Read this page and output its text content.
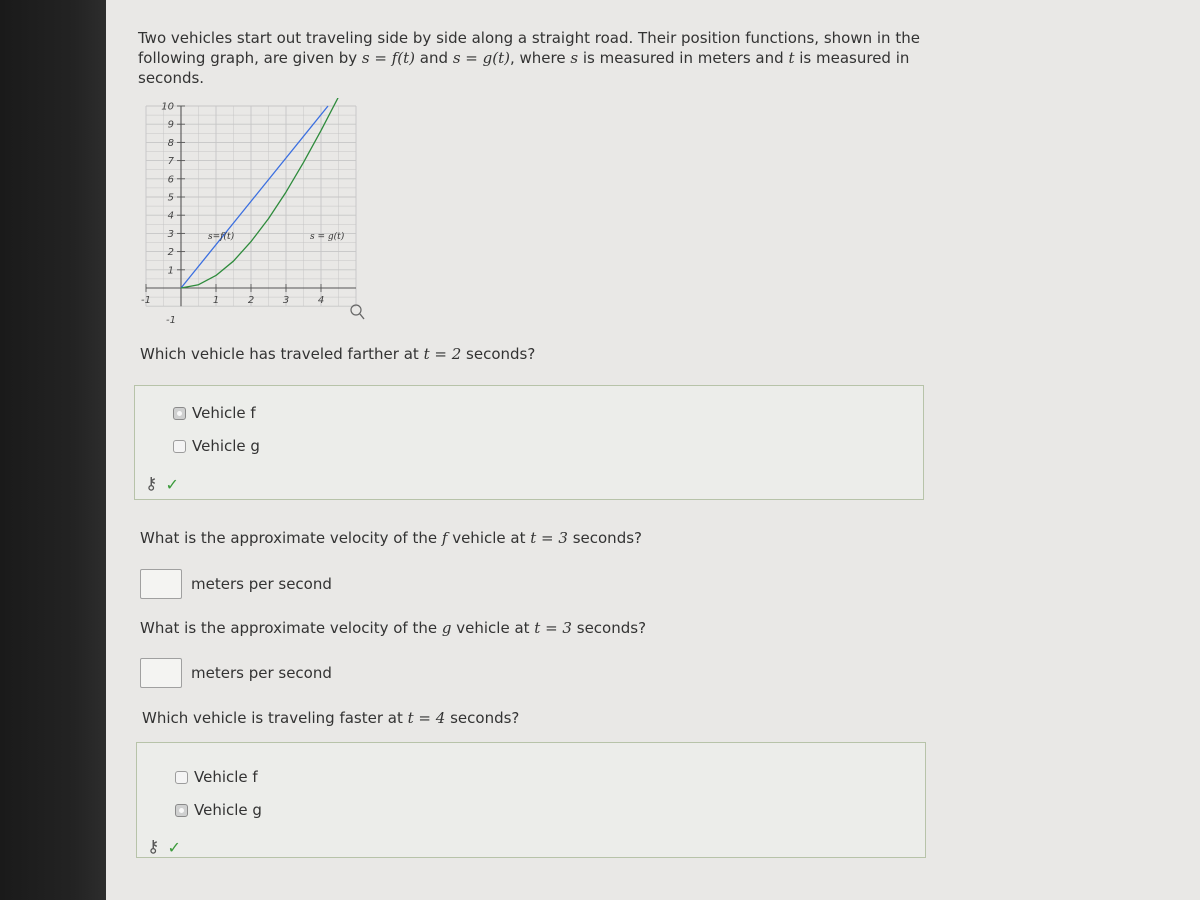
Two vehicles start out traveling side by side along a straight road. Their position functions, shown in the
following graph, are given by s = f(t) and s = g(t), where s is measured in meters and t is measured in
seconds.
10
9
8
7
6
5
4
3
2
1
-1	1	2	3	4
s=f(t)	s = g(t)
-1
Which vehicle has traveled farther at t = 2 seconds?
Vehicle f
Vehicle g
⚷ ✓
What is the approximate velocity of the f vehicle at t = 3 seconds?
meters per second
What is the approximate velocity of the g vehicle at t = 3 seconds?
meters per second
Which vehicle is traveling faster at t = 4 seconds?
Vehicle f
Vehicle g
⚷ ✓
